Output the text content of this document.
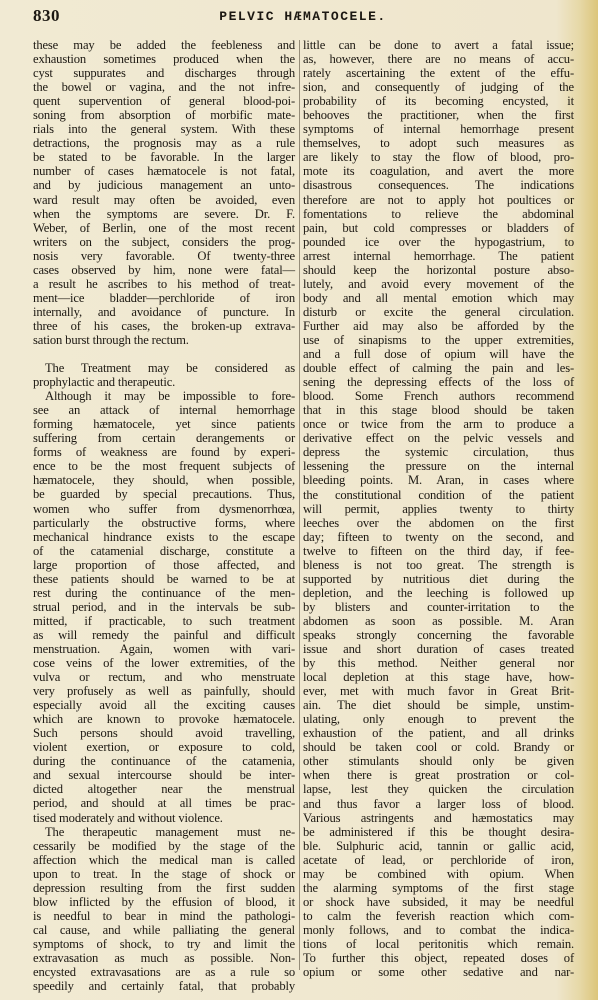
830	PELVIC HÆMATOCELE.
these may be added the feebleness and
exhaustion sometimes produced when the
cyst suppurates and discharges through
the bowel or vagina, and the not infre-
quent supervention of general blood-poi-
soning from absorption of morbific mate-
rials into the general system. With these
detractions, the prognosis may as a rule
be stated to be favorable. In the larger
number of cases hæmatocele is not fatal,
and by judicious management an unto-
ward result may often be avoided, even
when the symptoms are severe. Dr. F.
Weber, of Berlin, one of the most recent
writers on the subject, considers the prog-
nosis very favorable. Of twenty-three
cases observed by him, none were fatal—
a result he ascribes to his method of treat-
ment—ice bladder—perchloride of iron
internally, and avoidance of puncture. In
three of his cases, the broken-up extrava-
sation burst through the rectum.
The Treatment may be considered as
prophylactic and therapeutic.
Although it may be impossible to fore-
see an attack of internal hemorrhage
forming hæmatocele, yet since patients
suffering from certain derangements or
forms of weakness are found by experi-
ence to be the most frequent subjects of
hæmatocele, they should, when possible,
be guarded by special precautions. Thus,
women who suffer from dysmenorrhœa,
particularly the obstructive forms, where
mechanical hindrance exists to the escape
of the catamenial discharge, constitute a
large proportion of those affected, and
these patients should be warned to be at
rest during the continuance of the men-
strual period, and in the intervals be sub-
mitted, if practicable, to such treatment
as will remedy the painful and difficult
menstruation. Again, women with vari-
cose veins of the lower extremities, of the
vulva or rectum, and who menstruate
very profusely as well as painfully, should
especially avoid all the exciting causes
which are known to provoke hæmatocele.
Such persons should avoid travelling,
violent exertion, or exposure to cold,
during the continuance of the catamenia,
and sexual intercourse should be inter-
dicted altogether near the menstrual
period, and should at all times be prac-
tised moderately and without violence.
The therapeutic management must ne-
cessarily be modified by the stage of the
affection which the medical man is called
upon to treat. In the stage of shock or
depression resulting from the first sudden
blow inflicted by the effusion of blood, it
is needful to bear in mind the pathologi-
cal cause, and while palliating the general
symptoms of shock, to try and limit the
extravasation as much as possible. Non-
encysted extravasations are as a rule so
speedily and certainly fatal, that probably
little can be done to avert a fatal issue;
as, however, there are no means of accu-
rately ascertaining the extent of the effu-
sion, and consequently of judging of the
probability of its becoming encysted, it
behooves the practitioner, when the first
symptoms of internal hemorrhage present
themselves, to adopt such measures as
are likely to stay the flow of blood, pro-
mote its coagulation, and avert the more
disastrous consequences. The indications
therefore are not to apply hot poultices or
fomentations to relieve the abdominal
pain, but cold compresses or bladders of
pounded ice over the hypogastrium, to
arrest internal hemorrhage. The patient
should keep the horizontal posture abso-
lutely, and avoid every movement of the
body and all mental emotion which may
disturb or excite the general circulation.
Further aid may also be afforded by the
use of sinapisms to the upper extremities,
and a full dose of opium will have the
double effect of calming the pain and les-
sening the depressing effects of the loss of
blood. Some French authors recommend
that in this stage blood should be taken
once or twice from the arm to produce a
derivative effect on the pelvic vessels and
depress the systemic circulation, thus
lessening the pressure on the internal
bleeding points. M. Aran, in cases where
the constitutional condition of the patient
will permit, applies twenty to thirty
leeches over the abdomen on the first
day; fifteen to twenty on the second, and
twelve to fifteen on the third day, if fee-
bleness is not too great. The strength is
supported by nutritious diet during the
depletion, and the leeching is followed up
by blisters and counter-irritation to the
abdomen as soon as possible. M. Aran
speaks strongly concerning the favorable
issue and short duration of cases treated
by this method. Neither general nor
local depletion at this stage have, how-
ever, met with much favor in Great Brit-
ain. The diet should be simple, unstim-
ulating, only enough to prevent the
exhaustion of the patient, and all drinks
should be taken cool or cold. Brandy or
other stimulants should only be given
when there is great prostration or col-
lapse, lest they quicken the circulation
and thus favor a larger loss of blood.
Various astringents and hæmostatics may
be administered if this be thought desira-
ble. Sulphuric acid, tannin or gallic acid,
acetate of lead, or perchloride of iron,
may be combined with opium. When
the alarming symptoms of the first stage
or shock have subsided, it may be needful
to calm the feverish reaction which com-
monly follows, and to combat the indica-
tions of local peritonitis which remain.
To further this object, repeated doses of
opium or some other sedative and nar-
